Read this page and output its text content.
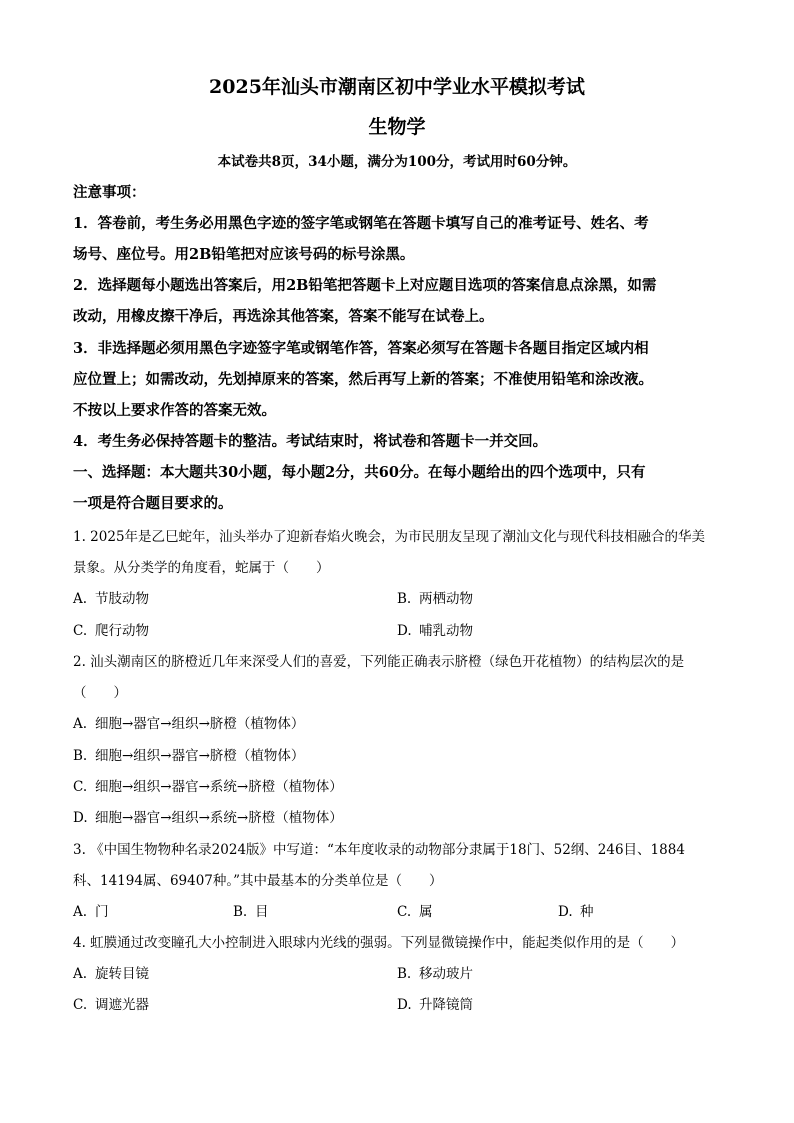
2025年汕头市潮南区初中学业水平模拟考试
生物学
本试卷共8页，34小题，满分为100分，考试用时60分钟。
注意事项：
1．答卷前，考生务必用黑色字迹的签字笔或钢笔在答题卡填写自己的准考证号、姓名、考
场号、座位号。用2B铅笔把对应该号码的标号涂黑。
2．选择题每小题选出答案后，用2B铅笔把答题卡上对应题目选项的答案信息点涂黑，如需
改动，用橡皮擦干净后，再选涂其他答案，答案不能写在试卷上。
3．非选择题必须用黑色字迹签字笔或钢笔作答，答案必须写在答题卡各题目指定区域内相
应位置上；如需改动，先划掉原来的答案，然后再写上新的答案；不准使用铅笔和涂改液。
不按以上要求作答的答案无效。
4．考生务必保持答题卡的整洁。考试结束时，将试卷和答题卡一并交回。
一、选择题：本大题共30小题，每小题2分，共60分。在每小题给出的四个选项中，只有
一项是符合题目要求的。
1. 2025年是乙巳蛇年，汕头举办了迎新春焰火晚会，为市民朋友呈现了潮汕文化与现代科技相融合的华美
景象。从分类学的角度看，蛇属于（　　）
A. 节肢动物	B. 两栖动物
C. 爬行动物	D. 哺乳动物
2. 汕头潮南区的脐橙近几年来深受人们的喜爱，下列能正确表示脐橙（绿色开花植物）的结构层次的是
（　　）
A. 细胞→器官→组织→脐橙（植物体）
B. 细胞→组织→器官→脐橙（植物体）
C. 细胞→组织→器官→系统→脐橙（植物体）
D. 细胞→器官→组织→系统→脐橙（植物体）
3. 《中国生物物种名录2024版》中写道：“本年度收录的动物部分隶属于18门、52纲、246目、1884
科、14194属、69407种。”其中最基本的分类单位是（　　）
A. 门	B. 目	C. 属	D. 种
4. 虹膜通过改变瞳孔大小控制进入眼球内光线的强弱。下列显微镜操作中，能起类似作用的是（　　）
A. 旋转目镜	B. 移动玻片
C. 调遮光器	D. 升降镜筒
